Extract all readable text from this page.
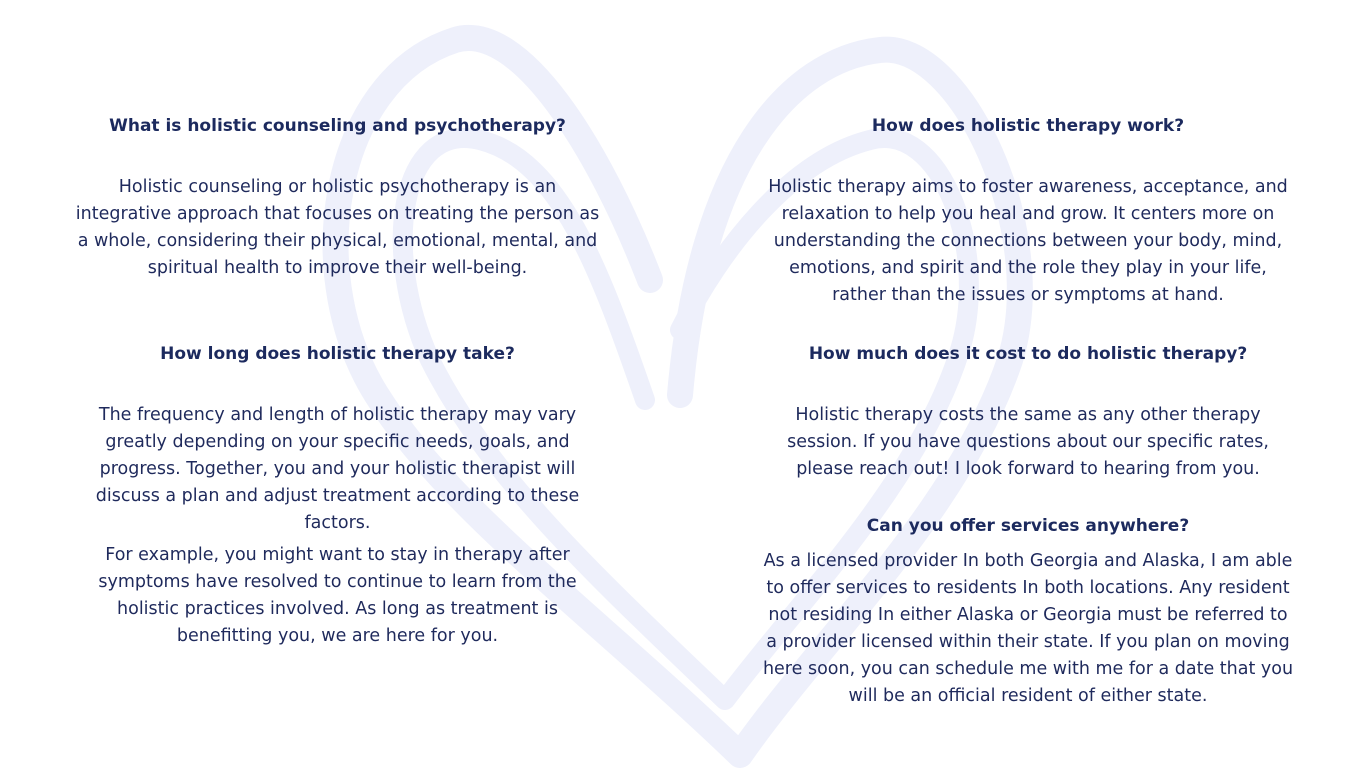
What is holistic counseling and psychotherapy?

Holistic counseling or holistic psychotherapy is an integrative approach that focuses on treating the person as a whole, considering their physical, emotional, mental, and spiritual health to improve their well-being.

How long does holistic therapy take?

The frequency and length of holistic therapy may vary greatly depending on your specific needs, goals, and progress. Together, you and your holistic therapist will discuss a plan and adjust treatment according to these factors.

For example, you might want to stay in therapy after symptoms have resolved to continue to learn from the holistic practices involved. As long as treatment is benefitting you, we are here for you.

How does holistic therapy work?

Holistic therapy aims to foster awareness, acceptance, and relaxation to help you heal and grow. It centers more on understanding the connections between your body, mind, emotions, and spirit and the role they play in your life, rather than the issues or symptoms at hand.

How much does it cost to do holistic therapy?

Holistic therapy costs the same as any other therapy session. If you have questions about our specific rates, please reach out! I look forward to hearing from you.

Can you offer services anywhere?

As a licensed provider In both Georgia and Alaska, I am able to offer services to residents In both locations. Any resident not residing In either Alaska or Georgia must be referred to a provider licensed within their state. If you plan on moving here soon, you can schedule me with me for a date that you will be an official resident of either state.
